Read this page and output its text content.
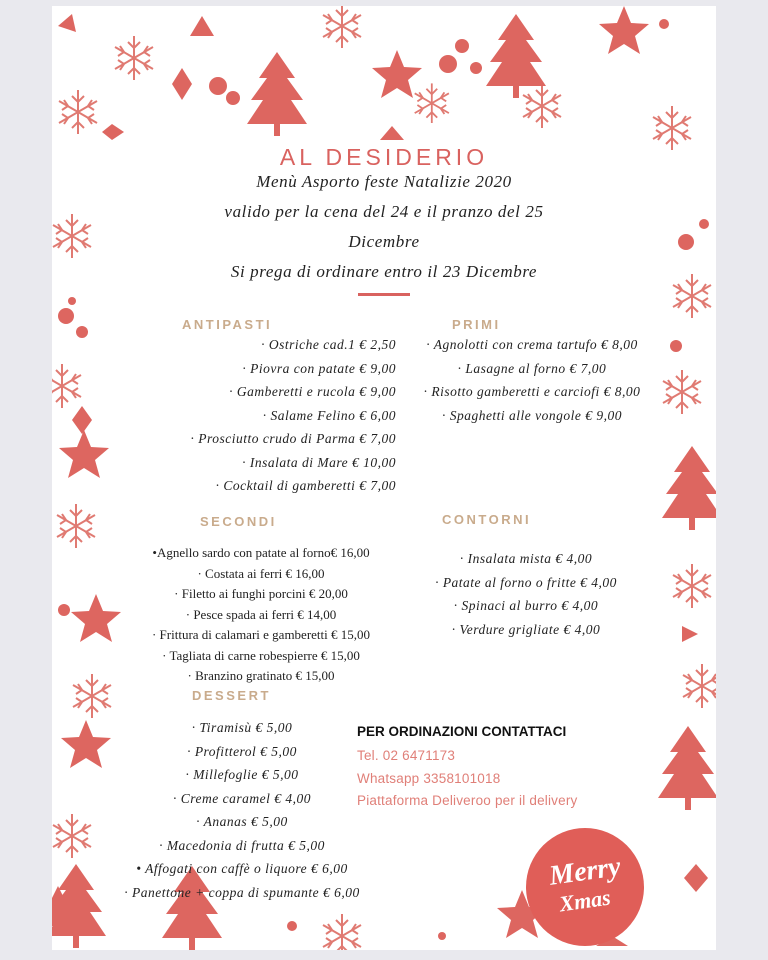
AL DESIDERIO
Menù Asporto feste Natalizie 2020
valido per la cena del 24 e il pranzo del 25
Dicembre
Si prega di ordinare entro il 23 Dicembre
ANTIPASTI
· Ostriche cad.1 € 2,50
· Piovra con patate € 9,00
· Gamberetti e rucola € 9,00
· Salame Felino € 6,00
· Prosciutto crudo di Parma € 7,00
· Insalata di Mare € 10,00
· Cocktail di gamberetti € 7,00
PRIMI
· Agnolotti con crema tartufo € 8,00
· Lasagne al forno € 7,00
· Risotto gamberetti e carciofi € 8,00
· Spaghetti alle vongole € 9,00
SECONDI
•Agnello sardo con patate al forno€ 16,00
· Costata ai ferri € 16,00
· Filetto ai funghi porcini € 20,00
· Pesce spada ai ferri € 14,00
· Frittura di calamari e gamberetti € 15,00
· Tagliata di carne robespierre € 15,00
· Branzino gratinato € 15,00
CONTORNI
· Insalata mista € 4,00
· Patate al forno o fritte € 4,00
· Spinaci al burro € 4,00
· Verdure grigliate € 4,00
DESSERT
· Tiramisù € 5,00
· Profitterol € 5,00
· Millefoglie € 5,00
· Creme caramel € 4,00
· Ananas € 5,00
· Macedonia di frutta € 5,00
• Affogati con caffè o liquore € 6,00
· Panettone + coppa di spumante € 6,00
PER ORDINAZIONI CONTATTACI
Tel. 02 6471173
Whatsapp 3358101018
Piattaforma Deliveroo per il delivery
Merry
Xmas
